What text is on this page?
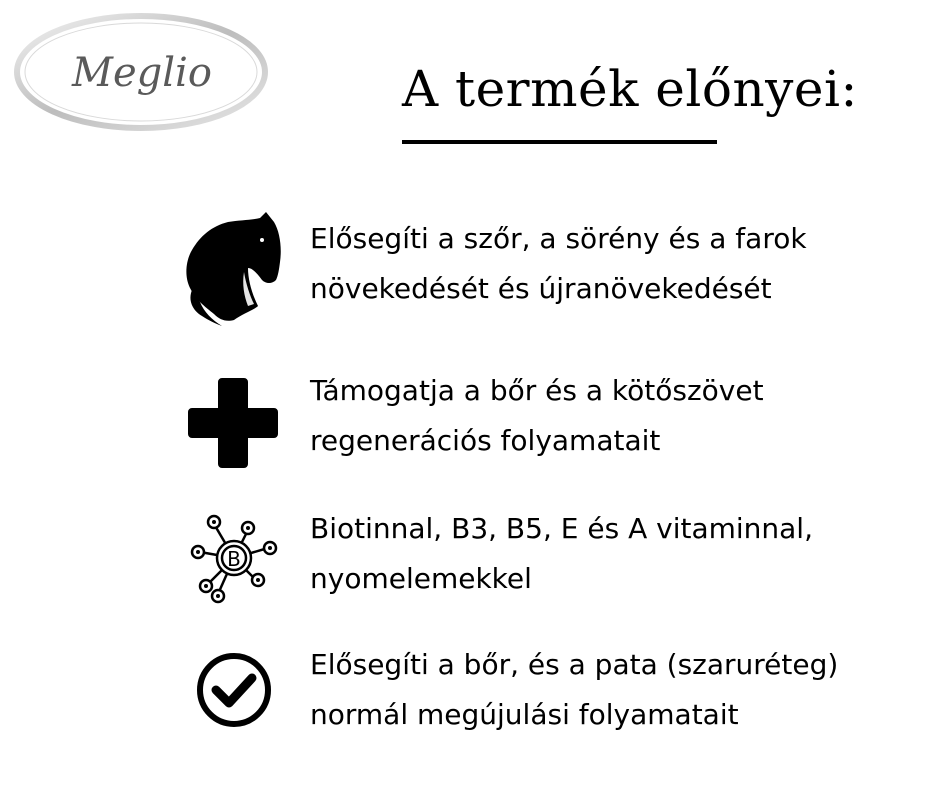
Meglio	A termék előnyei:
Elősegíti a szőr, a sörény és a farok
növekedését és újranövekedését
Támogatja a bőr és a kötőszövet
regenerációs folyamatait
B
Biotinnal, B3, B5, E és A vitaminnal,
nyomelemekkel
Elősegíti a bőr, és a pata (szaruréteg)
normál megújulási folyamatait
